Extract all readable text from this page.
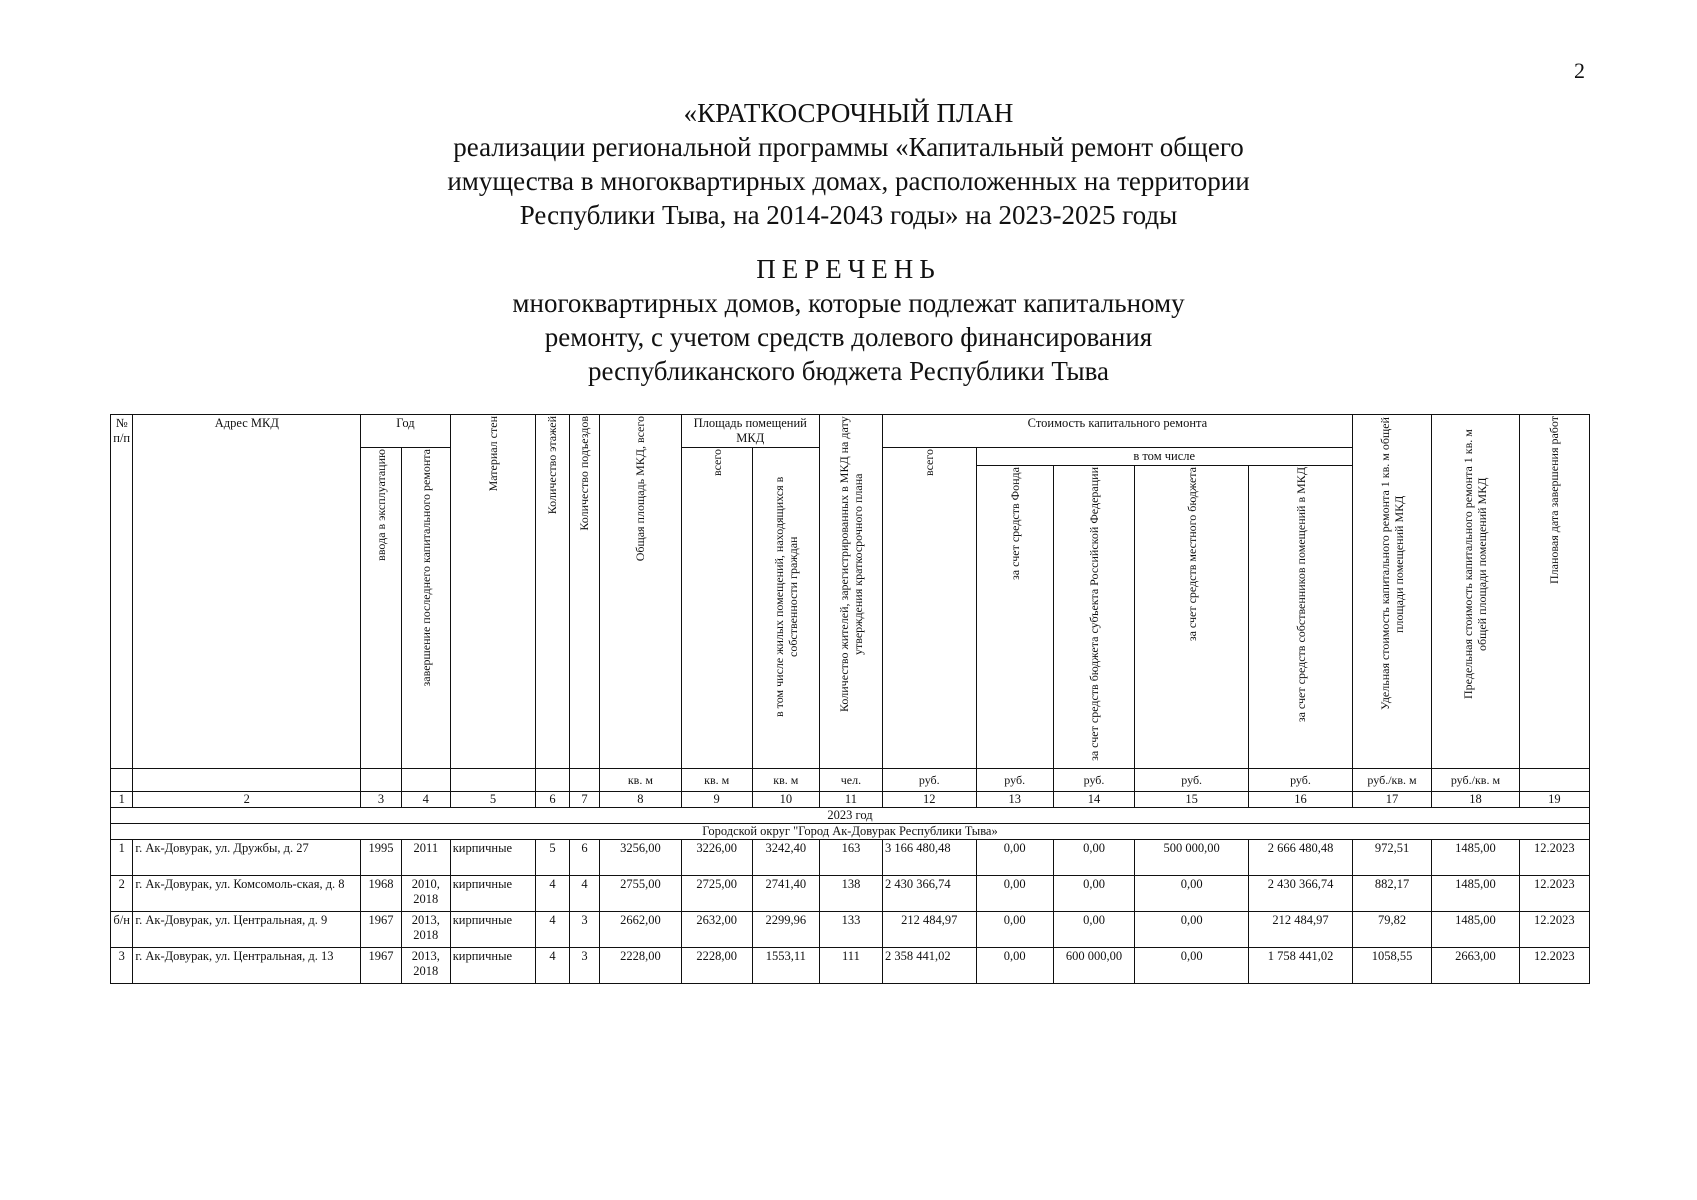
2
«КРАТКОСРОЧНЫЙ ПЛАН
реализации региональной программы «Капитальный ремонт общего
имущества в многоквартирных домах, расположенных на территории
Республики Тыва, на 2014-2043 годы» на 2023-2025 годы
ПЕРЕЧЕНЬ
многоквартирных домов, которые подлежат капитальному
ремонту, с учетом средств долевого финансирования
республиканского бюджета Республики Тыва
№ п/п	Адрес МКД	Год		Материал стен	Количество этажей	Количество подъездов	Общая площадь МКД, всего	Площадь помещений МКД		Количество жителей, зарегистрированных в МКД на дату утверждения краткосрочного плана	Стоимость капитального ремонта					Удельная стоимость капитального ремонта 1 кв. м общей площади помещений МКД	Предельная стоимость капитального ремонта 1 кв. м общей площади помещений МКД	Плановая дата завершения работ
		ввода в эксплуатацию	завершение последнего капитального ремонта					всего	в том числе жилых помещений, находящихся в собственности граждан		всего	в том числе						
												за счет средств Фонда	за счет средств бюджета субъекта Российской Федерации	за счет средств местного бюджета	за счет средств собственников помещений в МКД			
							кв. м	кв. м	кв. м	чел.	руб.	руб.	руб.	руб.	руб.	руб./кв. м	руб./кв. м	
1	2	3	4	5	6	7	8	9	10	11	12	13	14	15	16	17	18	19
2023 год																		
Городской округ "Город Ак-Довурак Республики Тыва»																		
1	г. Ак-Довурак, ул. Дружбы, д. 27	1995	2011	кирпичные	5	6	3256,00	3226,00	3242,40	163	3 166 480,48	0,00	0,00	500 000,00	2 666 480,48	972,51	1485,00	12.2023
2	г. Ак-Довурак, ул. Комсомоль-ская, д. 8	1968	2010, 2018	кирпичные	4	4	2755,00	2725,00	2741,40	138	2 430 366,74	0,00	0,00	0,00	2 430 366,74	882,17	1485,00	12.2023
б/н	г. Ак-Довурак, ул. Центральная, д. 9	1967	2013, 2018	кирпичные	4	3	2662,00	2632,00	2299,96	133	212 484,97	0,00	0,00	0,00	212 484,97	79,82	1485,00	12.2023
3	г. Ак-Довурак, ул. Центральная, д. 13	1967	2013, 2018	кирпичные	4	3	2228,00	2228,00	1553,11	111	2 358 441,02	0,00	600 000,00	0,00	1 758 441,02	1058,55	2663,00	12.2023
